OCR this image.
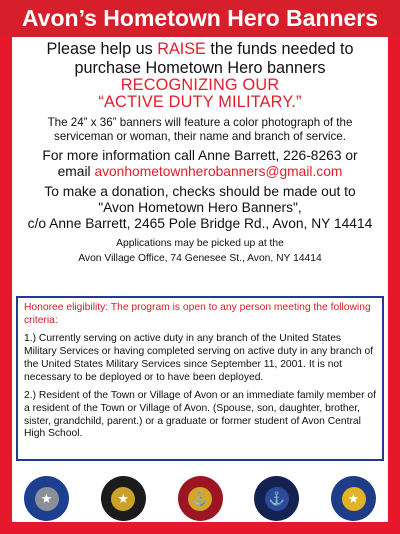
Avon’s Hometown Hero Banners

Please help us RAISE the funds needed to

purchase Hometown Hero banners

RECOGNIZING OUR

“ACTIVE DUTY MILITARY.”

The 24” x 36” banners will feature a color photograph of the

serviceman or woman, their name and branch of service.

For more information call Anne Barrett, 226-8263 or

email avonhometownherobanners@gmail.com

To make a donation, checks should be made out to

"Avon Hometown Hero Banners",

c/o Anne Barrett, 2465 Pole Bridge Rd., Avon, NY 14414

Applications may be picked up at the

Avon Village Office, 74 Genesee St., Avon, NY 14414

Honoree eligibility: The program is open to any person meeting the following criteria:

1.) Currently serving on active duty in any branch of the United States Military Services or having completed serving on active duty in any branch of the United States Military Services since September 11, 2001. It is not necessary to be deployed or to have been deployed.

2.) Resident of the Town or Village of Avon or an immediate family member of a resident of the Town or Village of Avon. (Spouse, son, daughter, brother, sister, grandchild, parent.) or a graduate or former student of Avon Central High School.

★	★	⚓	⚓	★
